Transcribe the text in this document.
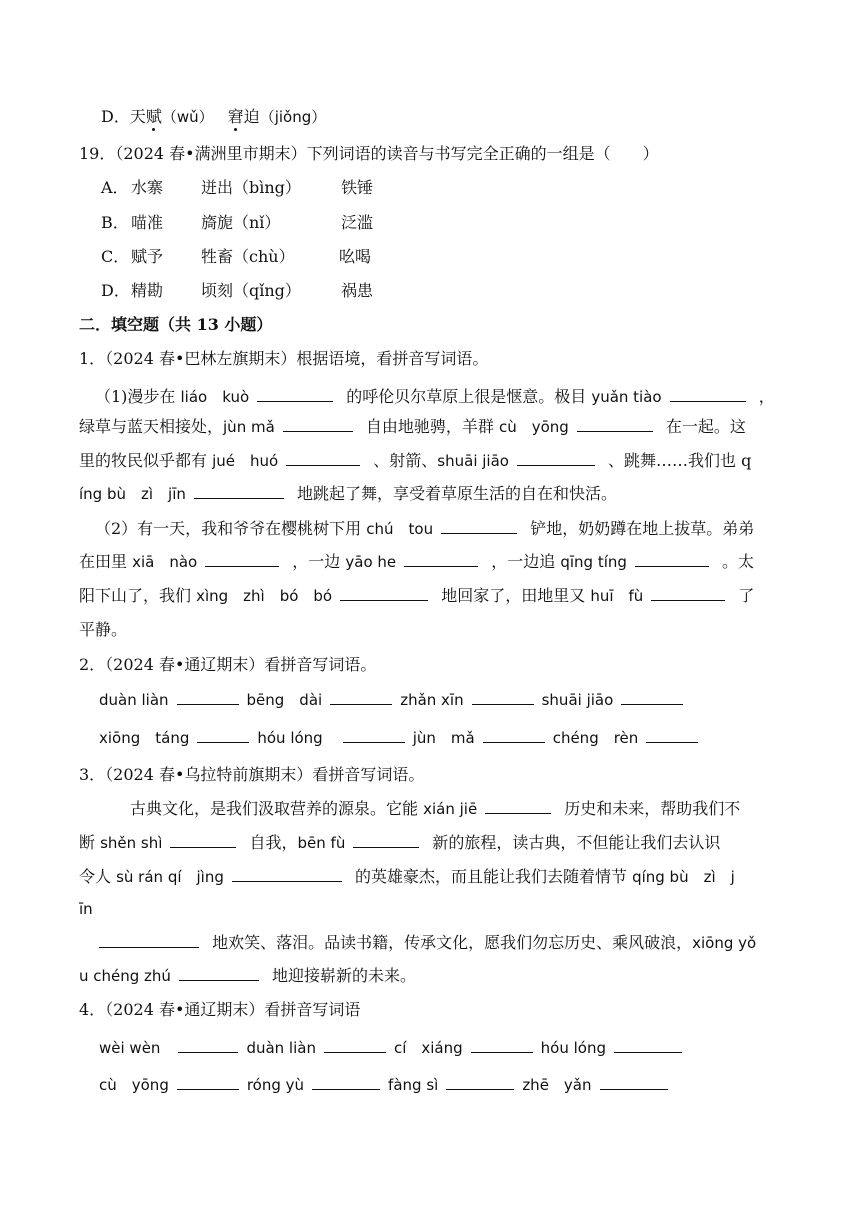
D．天赋（wǔ） 窘迫（jiǒng）
19．（2024 春•满洲里市期末）下列词语的读音与书写完全正确的一组是（　　）
A． 水寨 迸出（bìng）	铁锤
B． 喵准 旖旎（nǐ）	泛滥
C． 赋予 牲畜（chù）	吆喝
D．精勘 顷刻（qǐng）	祸患
二．填空题（共 13 小题）
1．（2024 春•巴林左旗期末）根据语境，看拼音写词语。
（1)漫步在 liáo　kuò	的呼伦贝尔草原上很是惬意。极目 yuǎn tiào	，
绿草与蓝天相接处，jùn mǎ	自由地驰骋，羊群 cù　yōng	在一起。这
里的牧民似乎都有 jué　huó	、射箭、shuāi jiāo	、跳舞……我们也 q
íng bù　zì　jīn	地跳起了舞，享受着草原生活的自在和快活。
（2）有一天，我和爷爷在樱桃树下用 chú　tou	铲地，奶奶蹲在地上拔草。弟弟
在田里 xiā　nào	，一边 yāo he	，一边追 qīng tíng	。太
阳下山了，我们 xìng　zhì　bó　bó	地回家了，田地里又 huī　fù	了
平静。
2．（2024 春•通辽期末）看拼音写词语。
duàn liàn	bēng　dài	zhǎn xīn	shuāi jiāo
xiōng　táng	hóu lóng	jùn　mǎ	chéng　rèn
3．（2024 春•乌拉特前旗期末）看拼音写词语。
古典文化，是我们汲取营养的源泉。它能 xián jiē	历史和未来，帮助我们不
断 shěn shì	自我，bēn fù	新的旅程，读古典，不但能让我们去认识
令人 sù rán qí　jìng	的英雄豪杰，而且能让我们去随着情节 qíng bù　zì　j
īn
地欢笑、落泪。品读书籍，传承文化，愿我们勿忘历史、乘风破浪，xiōng yǒ
u chéng zhú	地迎接崭新的未来。
4．（2024 春•通辽期末）看拼音写词语
wèi wèn	duàn liàn	cí　xiáng	hóu lóng
cù　yōng	róng yù	fàng sì	zhē　yǎn
